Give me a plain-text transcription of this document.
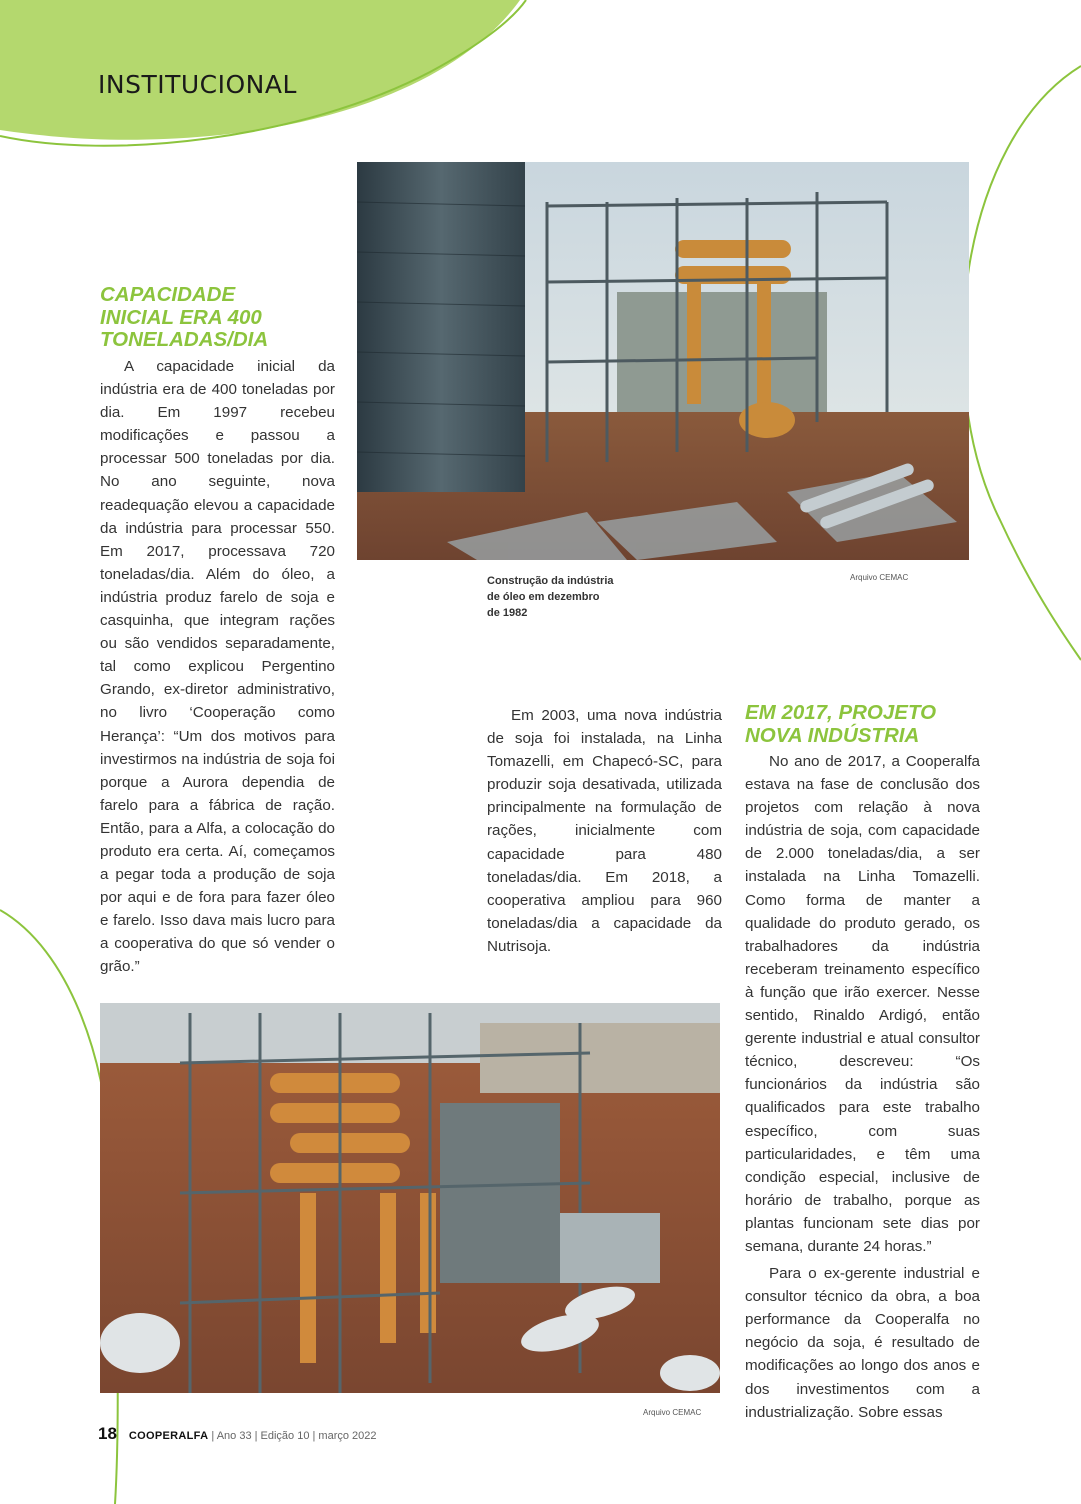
INSTITUCIONAL
Construção da indústria de óleo em dezembro de 1982
Arquivo CEMAC
CAPACIDADE INICIAL ERA 400 TONELADAS/DIA

A capacidade inicial da indústria era de 400 toneladas por dia. Em 1997 recebeu modificações e passou a processar 500 toneladas por dia. No ano seguinte, nova readequação elevou a capacidade da indústria para processar 550. Em 2017, processava 720 toneladas/dia. Além do óleo, a indústria produz farelo de soja e casquinha, que integram rações ou são vendidos separadamente, tal como explicou Pergentino Grando, ex-diretor administrativo, no livro ‘Cooperação como Herança’: “Um dos motivos para investirmos na indústria de soja foi porque a Aurora dependia de farelo para a fábrica de ração. Então, para a Alfa, a colocação do produto era certa. Aí, começamos a pegar toda a produção de soja por aqui e de fora para fazer óleo e farelo. Isso dava mais lucro para a cooperativa do que só vender o grão.”

Em 2003, uma nova indústria de soja foi instalada, na Linha Tomazelli, em Chapecó-SC, para produzir soja desativada, utilizada principalmente na formulação de rações, inicialmente com capacidade para 480 toneladas/dia. Em 2018, a cooperativa ampliou para 960 toneladas/dia a capacidade da Nutrisoja.

EM 2017, PROJETO NOVA INDÚSTRIA

No ano de 2017, a Cooperalfa estava na fase de conclusão dos projetos com relação à nova indústria de soja, com capacidade de 2.000 toneladas/dia, a ser instalada na Linha Tomazelli. Como forma de manter a qualidade do produto gerado, os trabalhadores da indústria receberam treinamento específico à função que irão exercer. Nesse sentido, Rinaldo Ardigó, então gerente industrial e atual consultor técnico, descreveu: “Os funcionários da indústria são qualificados para este trabalho específico, com suas particularidades, e têm uma condição especial, inclusive de horário de trabalho, porque as plantas funcionam sete dias por semana, durante 24 horas.”

Para o ex-gerente industrial e consultor técnico da obra, a boa performance da Cooperalfa no negócio da soja, é resultado de modificações ao longo dos anos e dos investimentos com a industrialização. Sobre essas

Arquivo CEMAC
18 COOPERALFA | Ano 33 | Edição 10 | março 2022
